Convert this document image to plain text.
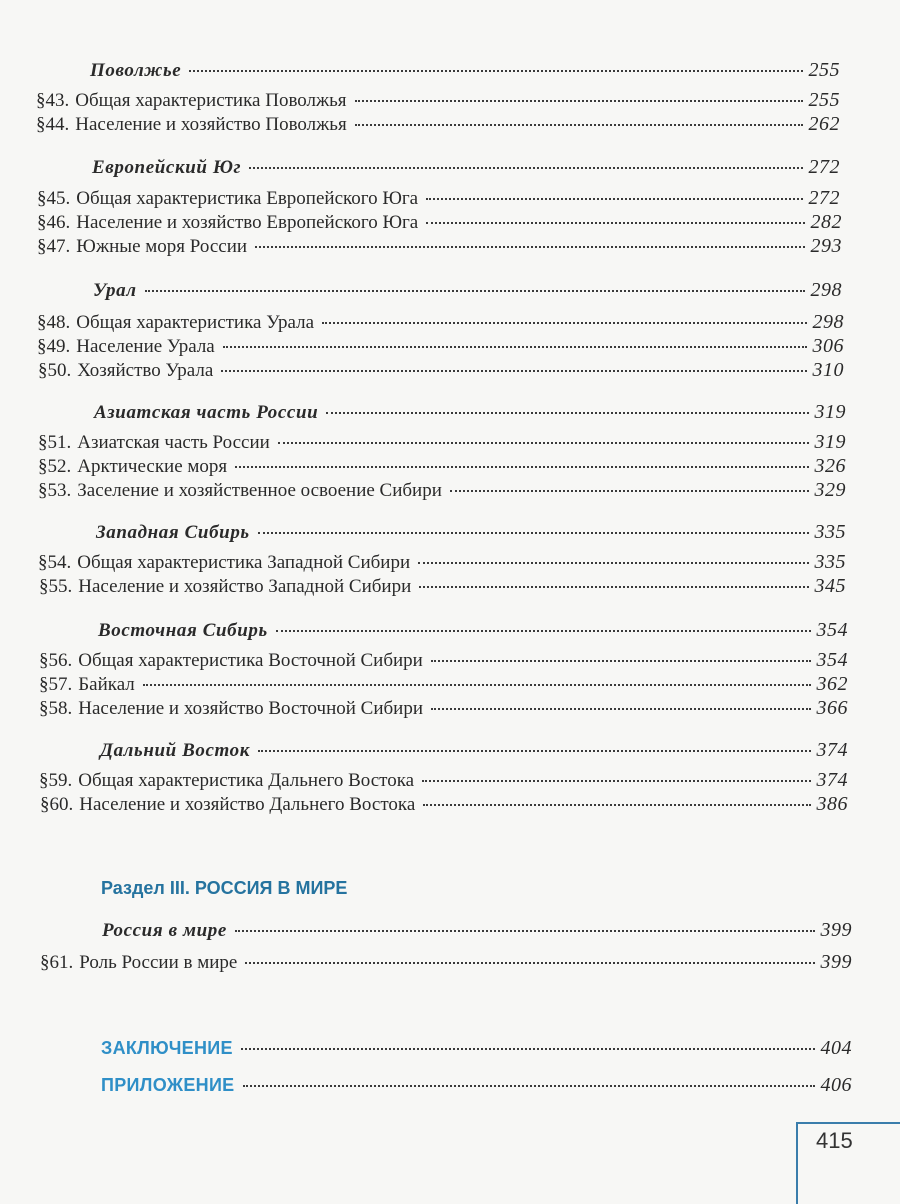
Поволжье	255
§43. Общая характеристика Поволжья	255
§44. Население и хозяйство Поволжья	262
Европейский Юг	272
§45. Общая характеристика Европейского Юга	272
§46. Население и хозяйство Европейского Юга	282
§47. Южные моря России	293
Урал	298
§48. Общая характеристика Урала	298
§49. Население Урала	306
§50. Хозяйство Урала	310
Азиатская часть России	319
§51. Азиатская часть России	319
§52. Арктические моря	326
§53. Заселение и хозяйственное освоение Сибири	329
Западная Сибирь	335
§54. Общая характеристика Западной Сибири	335
§55. Население и хозяйство Западной Сибири	345
Восточная Сибирь	354
§56. Общая характеристика Восточной Сибири	354
§57. Байкал	362
§58. Население и хозяйство Восточной Сибири	366
Дальний Восток	374
§59. Общая характеристика Дальнего Востока	374
§60. Население и хозяйство Дальнего Востока	386
Россия в мире	399
§61. Роль России в мире	399
ЗАКЛЮЧЕНИЕ	404
ПРИЛОЖЕНИЕ	406
Раздел III. РОССИЯ В МИРЕ
415
